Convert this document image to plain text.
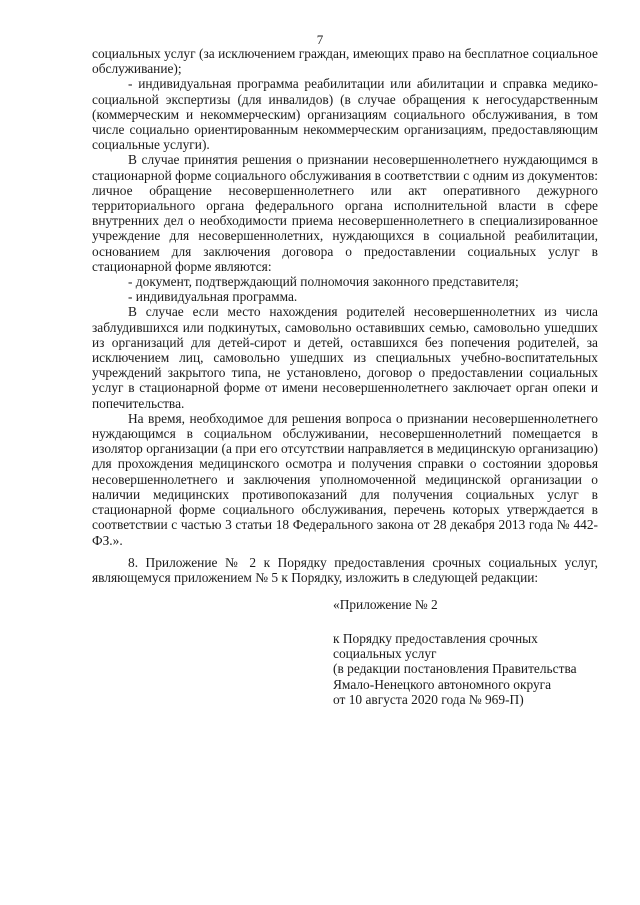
7

социальных услуг (за исключением граждан, имеющих право на бесплатное социальное обслуживание);

- индивидуальная программа реабилитации или абилитации и справка медико-социальной экспертизы (для инвалидов) (в случае обращения к негосударственным (коммерческим и некоммерческим) организациям социального обслуживания, в том числе социально ориентированным некоммерческим организациям, предоставляющим социальные услуги).

В случае принятия решения о признании несовершеннолетнего нуждающимся в стационарной форме социального обслуживания в соответствии с одним из документов: личное обращение несовершеннолетнего или акт оперативного дежурного территориального органа федерального органа исполнительной власти в сфере внутренних дел о необходимости приема несовершеннолетнего в специализированное учреждение для несовершеннолетних, нуждающихся в социальной реабилитации, основанием для заключения договора о предоставлении социальных услуг в стационарной форме являются:

- документ, подтверждающий полномочия законного представителя;

- индивидуальная программа.

В случае если место нахождения родителей несовершеннолетних из числа заблудившихся или подкинутых, самовольно оставивших семью, самовольно ушедших из организаций для детей-сирот и детей, оставшихся без попечения родителей, за исключением лиц, самовольно ушедших из специальных учебно-воспитательных учреждений закрытого типа, не установлено, договор о предоставлении социальных услуг в стационарной форме от имени несовершеннолетнего заключает орган опеки и попечительства.

На время, необходимое для решения вопроса о признании несовершеннолетнего нуждающимся в социальном обслуживании, несовершеннолетний помещается в изолятор организации (а при его отсутствии направляется в медицинскую организацию) для прохождения медицинского осмотра и получения справки о состоянии здоровья несовершеннолетнего и заключения уполномоченной медицинской организации о наличии медицинских противопоказаний для получения социальных услуг в стационарной форме социального обслуживания, перечень которых утверждается в соответствии с частью 3 статьи 18 Федерального закона от 28 декабря 2013 года № 442-ФЗ.».

8. Приложение № 2 к Порядку предоставления срочных социальных услуг, являющемуся приложением № 5 к Порядку, изложить в следующей редакции:

«Приложение № 2
к Порядку предоставления срочных
социальных услуг
(в редакции постановления Правительства
Ямало-Ненецкого автономного округа
от 10 августа 2020 года № 969-П)
